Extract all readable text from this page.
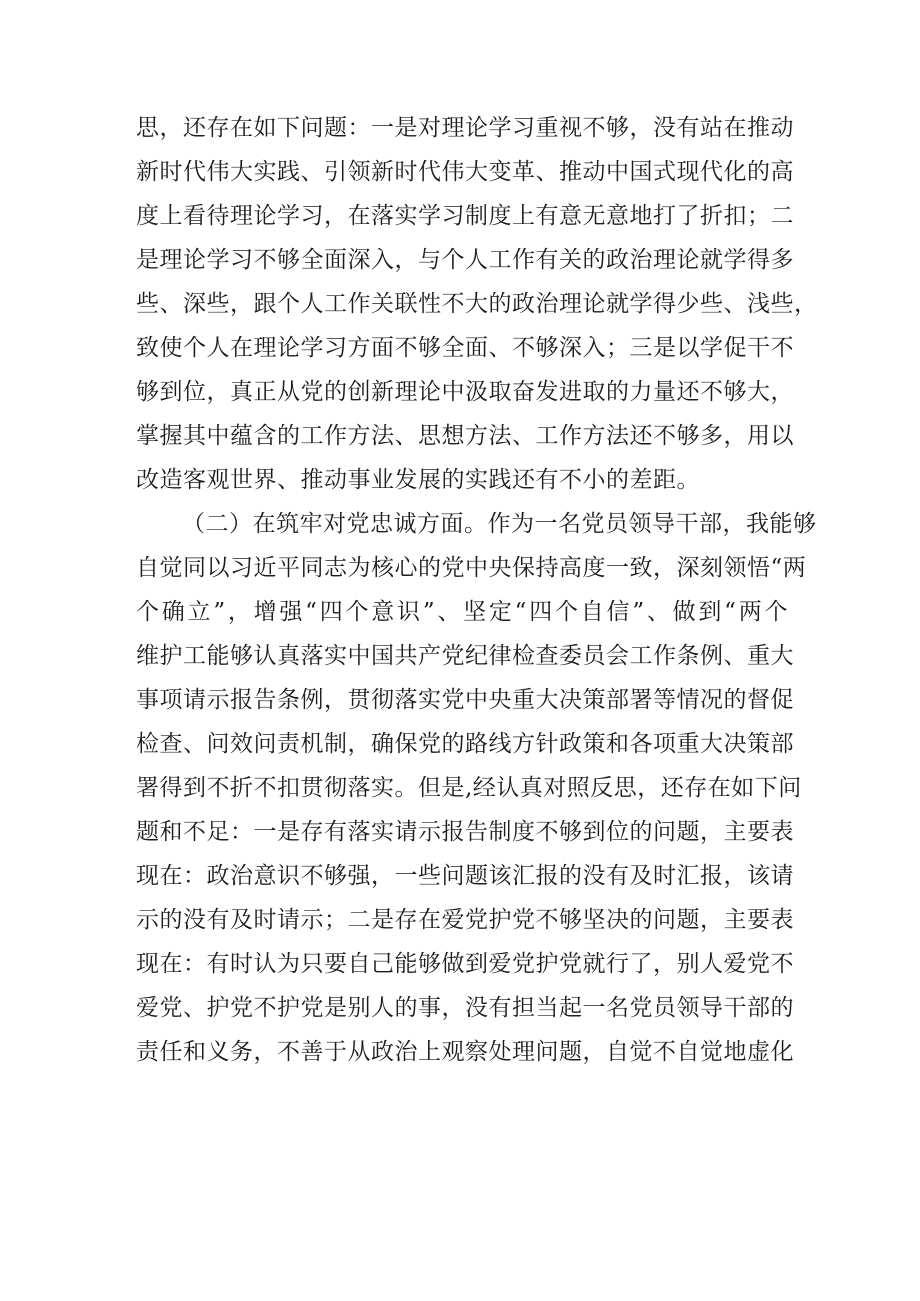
思，还存在如下问题：一是对理论学习重视不够，没有站在推动

新时代伟大实践、引领新时代伟大变革、推动中国式现代化的高

度上看待理论学习，在落实学习制度上有意无意地打了折扣；二

是理论学习不够全面深入，与个人工作有关的政治理论就学得多

些、深些，跟个人工作关联性不大的政治理论就学得少些、浅些，

致使个人在理论学习方面不够全面、不够深入；三是以学促干不

够到位，真正从党的创新理论中汲取奋发进取的力量还不够大，

掌握其中蕴含的工作方法、思想方法、工作方法还不够多，用以

改造客观世界、推动事业发展的实践还有不小的差距。

（二）在筑牢对党忠诚方面。作为一名党员领导干部，我能够

自觉同以习近平同志为核心的党中央保持高度一致，深刻领悟“两

个确立”，增强“四个意识”、坚定“四个自信”、做到“两个

维护工能够认真落实中国共产党纪律检查委员会工作条例、重大

事项请示报告条例，贯彻落实党中央重大决策部署等情况的督促

检查、问效问责机制，确保党的路线方针政策和各项重大决策部

署得到不折不扣贯彻落实。但是,经认真对照反思，还存在如下问

题和不足：一是存有落实请示报告制度不够到位的问题，主要表

现在：政治意识不够强，一些问题该汇报的没有及时汇报，该请

示的没有及时请示；二是存在爱党护党不够坚决的问题，主要表

现在：有时认为只要自己能够做到爱党护党就行了，别人爱党不

爱党、护党不护党是别人的事，没有担当起一名党员领导干部的

责任和义务，不善于从政治上观察处理问题，自觉不自觉地虚化
